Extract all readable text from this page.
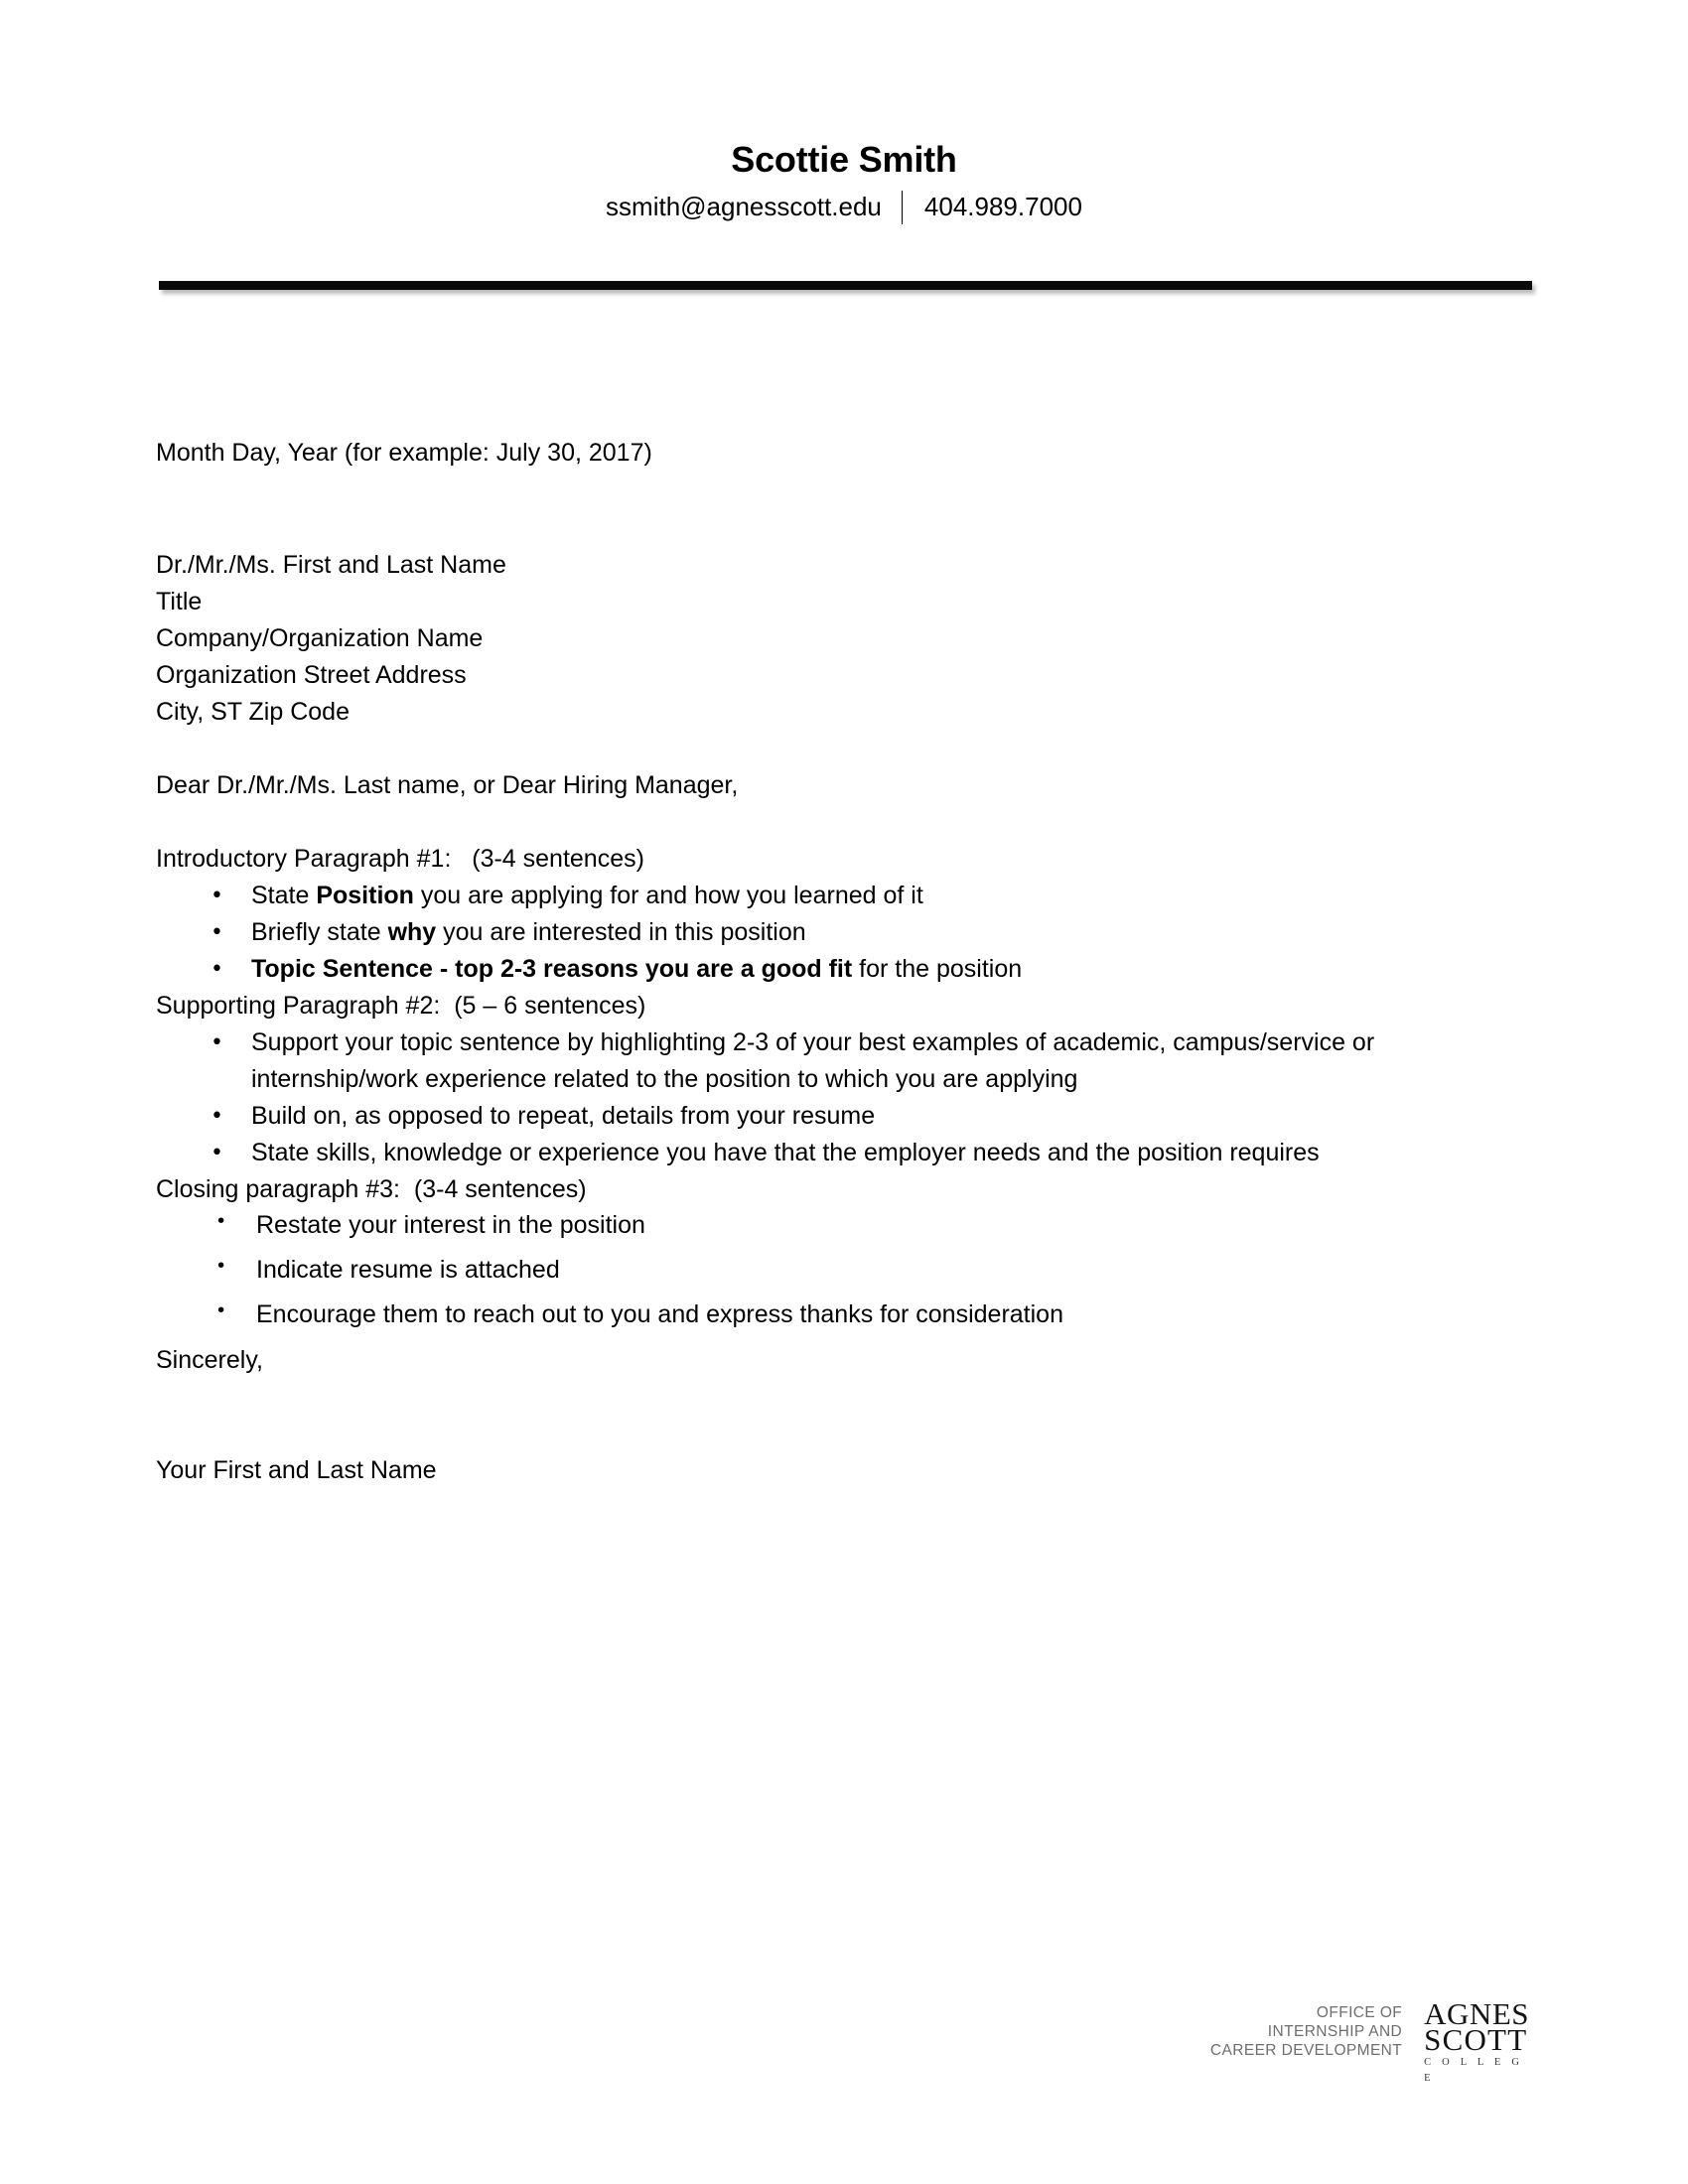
Scottie Smith
ssmith@agnesscott.edu	404.989.7000
Month Day, Year (for example: July 30, 2017)
Dr./Mr./Ms. First and Last Name
Title
Company/Organization Name
Organization Street Address
City, ST Zip Code
Dear Dr./Mr./Ms. Last name, or Dear Hiring Manager,
Introductory Paragraph #1:   (3-4 sentences)
• State Position you are applying for and how you learned of it
• Briefly state why you are interested in this position
• Topic Sentence - top 2-3 reasons you are a good fit for the position
Supporting Paragraph #2:  (5 – 6 sentences)
• Support your topic sentence by highlighting 2-3 of your best examples of academic, campus/service or internship/work experience related to the position to which you are applying
• Build on, as opposed to repeat, details from your resume
• State skills, knowledge or experience you have that the employer needs and the position requires
Closing paragraph #3:  (3-4 sentences)
• Restate your interest in the position
• Indicate resume is attached
• Encourage them to reach out to you and express thanks for consideration
Sincerely,
Your First and Last Name
OFFICE OF
INTERNSHIP AND
CAREER DEVELOPMENT
AGNES
SCOTT
C O L L E G E
